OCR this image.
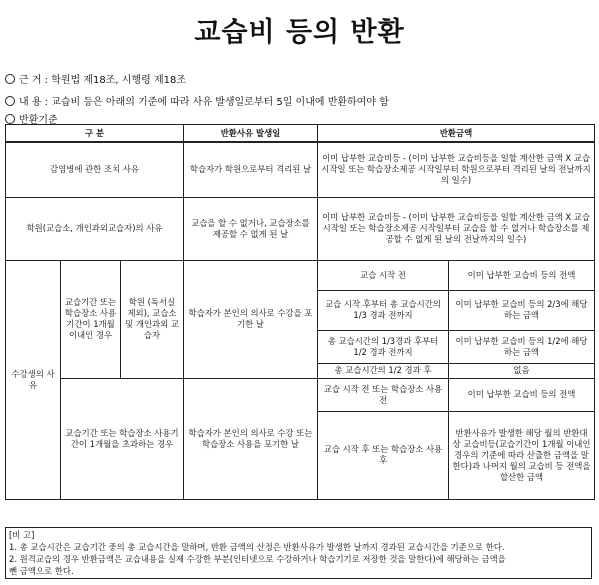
교습비 등의 반환
근 거 : 학원법 제18조, 시행령 제18조
내 용 : 교습비 등은 아래의 기준에 따라 사유 발생일로부터 5일 이내에 반환하여야 함
반환기준
구 분			반환사유 발생일	반환금액	
감염병에 관한 조치 사유			학습자가 학원으로부터 격리된 날	이미 납부한 교습비등 - (이미 납부한 교습비등을 일할 계산한 금액 X 교습 시작일 또는 학습장소제공 시작일부터 학원으로부터 격리된 날의 전날까지의 일수)	
학원(교습소, 개인과외교습자)의 사유			교습을 할 수 없거나, 교습장소를 제공할 수 없게 된 날	이미 납부한 교습비등 - (이미 납부한 교습비등을 일할 계산한 금액 X 교습 시작일 또는 학습장소제공 시작일부터 교습을 할 수 없거나 학습장소를 제공할 수 없게 된 날의 전날까지의 일수)	
수강생의 사유	교습기간 또는 학습장소 사용기간이 1개월 이내인 경우	학원 (독서실 제외), 교습소 및 개인과외 교습자	학습자가 본인의 의사로 수강을 포기한 날	교습 시작 전	이미 납부한 교습비 등의 전액
				교습 시작 후부터 총 교습시간의 1/3 경과 전까지	이미 납부한 교습비 등의 2/3에 해당하는 금액
				총 교습시간의 1/3경과 후부터 1/2 경과 전까지	이미 납부한 교습비 등의 1/2에 해당하는 금액
				총 교습시간의 1/2 경과 후	없음
	교습기간 또는 학습장소 사용기간이 1개월을 초과하는 경우		학습자가 본인의 의사로 수강 또는 학습장소 사용을 포기한 날	교습 시작 전 또는 학습장소 사용 전	이미 납부한 교습비 등의 전액
				교습 시작 후 또는 학습장소 사용 후	반환사유가 발생한 해당 월의 반환대상 교습비등(교습기간이 1개월 이내인 경우의 기준에 따라 산출한 금액을 말한다)과 나머지 월의 교습비 등 전액을 합산한 금액
[비 고]
1. 총 교습시간은 교습기간 중의 총 교습시간을 말하며, 반환 금액의 산정은 반환사유가 발생한 날까지 경과된 교습시간을 기준으로 한다.
2. 원격교습의 경우 반환금액은 교습내용을 실제 수강한 부분(인터넷으로 수강하거나 학습기기로 저장한 것을 말한다)에 해당하는 금액을
뺀 금액으로 한다.
